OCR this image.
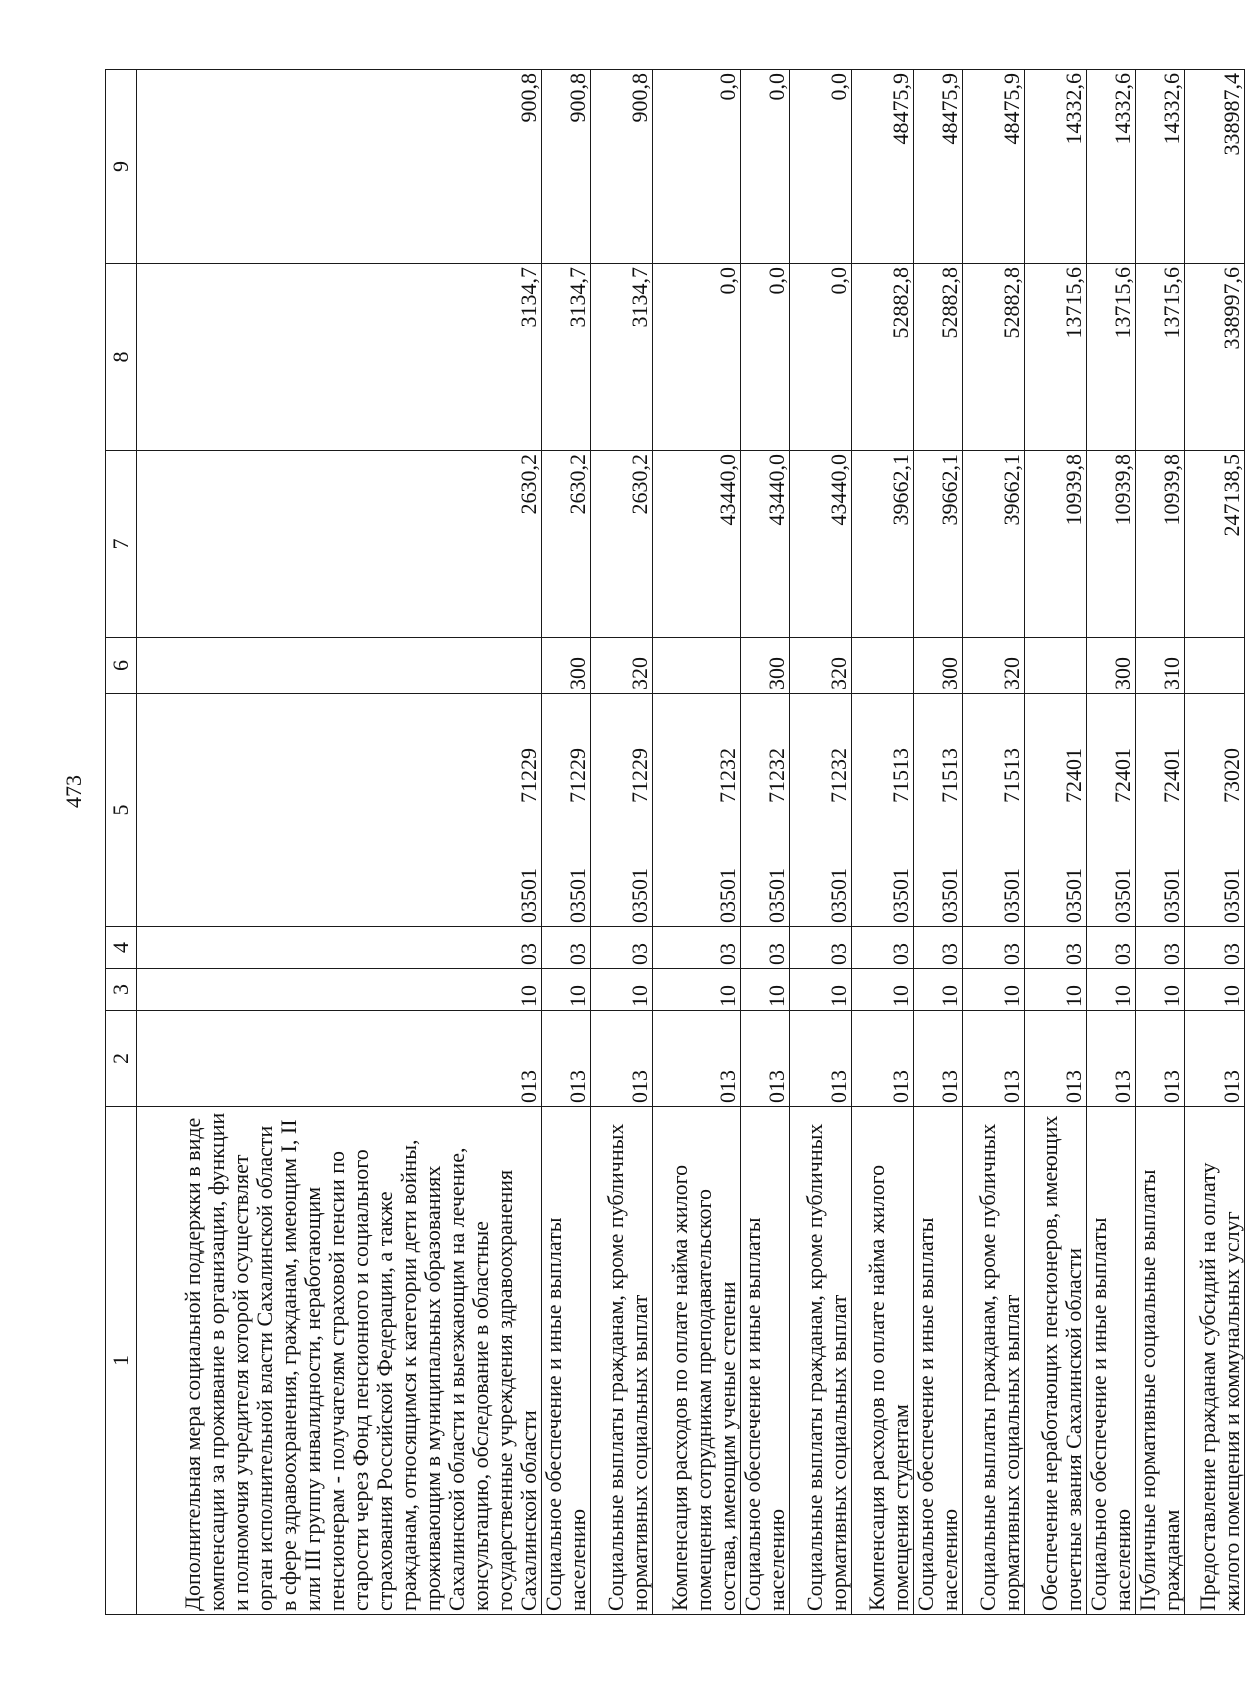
473
1	2	3	4	5	6	7	8	9
Дополнительная мера социальной поддержки в виде компенсации за проживание в организации, функции и полномочия учредителя которой осуществляет орган исполнительной власти Сахалинской области в сфере здравоохранения, гражданам, имеющим I, II или III группу инвалидности, неработающим пенсионерам - получателям страховой пенсии по старости через Фонд пенсионного и социального страхования Российской Федерации, а также гражданам, относящимся к категории дети войны, проживающим в муниципальных образованиях Сахалинской области и выезжающим на лечение, консультацию, обследование в областные государственные учреждения здравоохранения Сахалинской области	013	10	03	0350171229		2630,2	3134,7	900,8
Социальное обеспечение и иные выплаты населению	013	10	03	0350171229	300	2630,2	3134,7	900,8
Социальные выплаты гражданам, кроме публичных нормативных социальных выплат	013	10	03	0350171229	320	2630,2	3134,7	900,8
Компенсация расходов по оплате найма жилого помещения сотрудникам преподавательского состава, имеющим ученые степени	013	10	03	0350171232		43440,0	0,0	0,0
Социальное обеспечение и иные выплаты населению	013	10	03	0350171232	300	43440,0	0,0	0,0
Социальные выплаты гражданам, кроме публичных нормативных социальных выплат	013	10	03	0350171232	320	43440,0	0,0	0,0
Компенсация расходов по оплате найма жилого помещения студентам	013	10	03	0350171513		39662,1	52882,8	48475,9
Социальное обеспечение и иные выплаты населению	013	10	03	0350171513	300	39662,1	52882,8	48475,9
Социальные выплаты гражданам, кроме публичных нормативных социальных выплат	013	10	03	0350171513	320	39662,1	52882,8	48475,9
Обеспечение неработающих пенсионеров, имеющих почетные звания Сахалинской области	013	10	03	0350172401		10939,8	13715,6	14332,6
Социальное обеспечение и иные выплаты населению	013	10	03	0350172401	300	10939,8	13715,6	14332,6
Публичные нормативные социальные выплаты гражданам	013	10	03	0350172401	310	10939,8	13715,6	14332,6
Предоставление гражданам субсидий на оплату жилого помещения и коммунальных услуг	013	10	03	0350173020		247138,5	338997,6	338987,4
